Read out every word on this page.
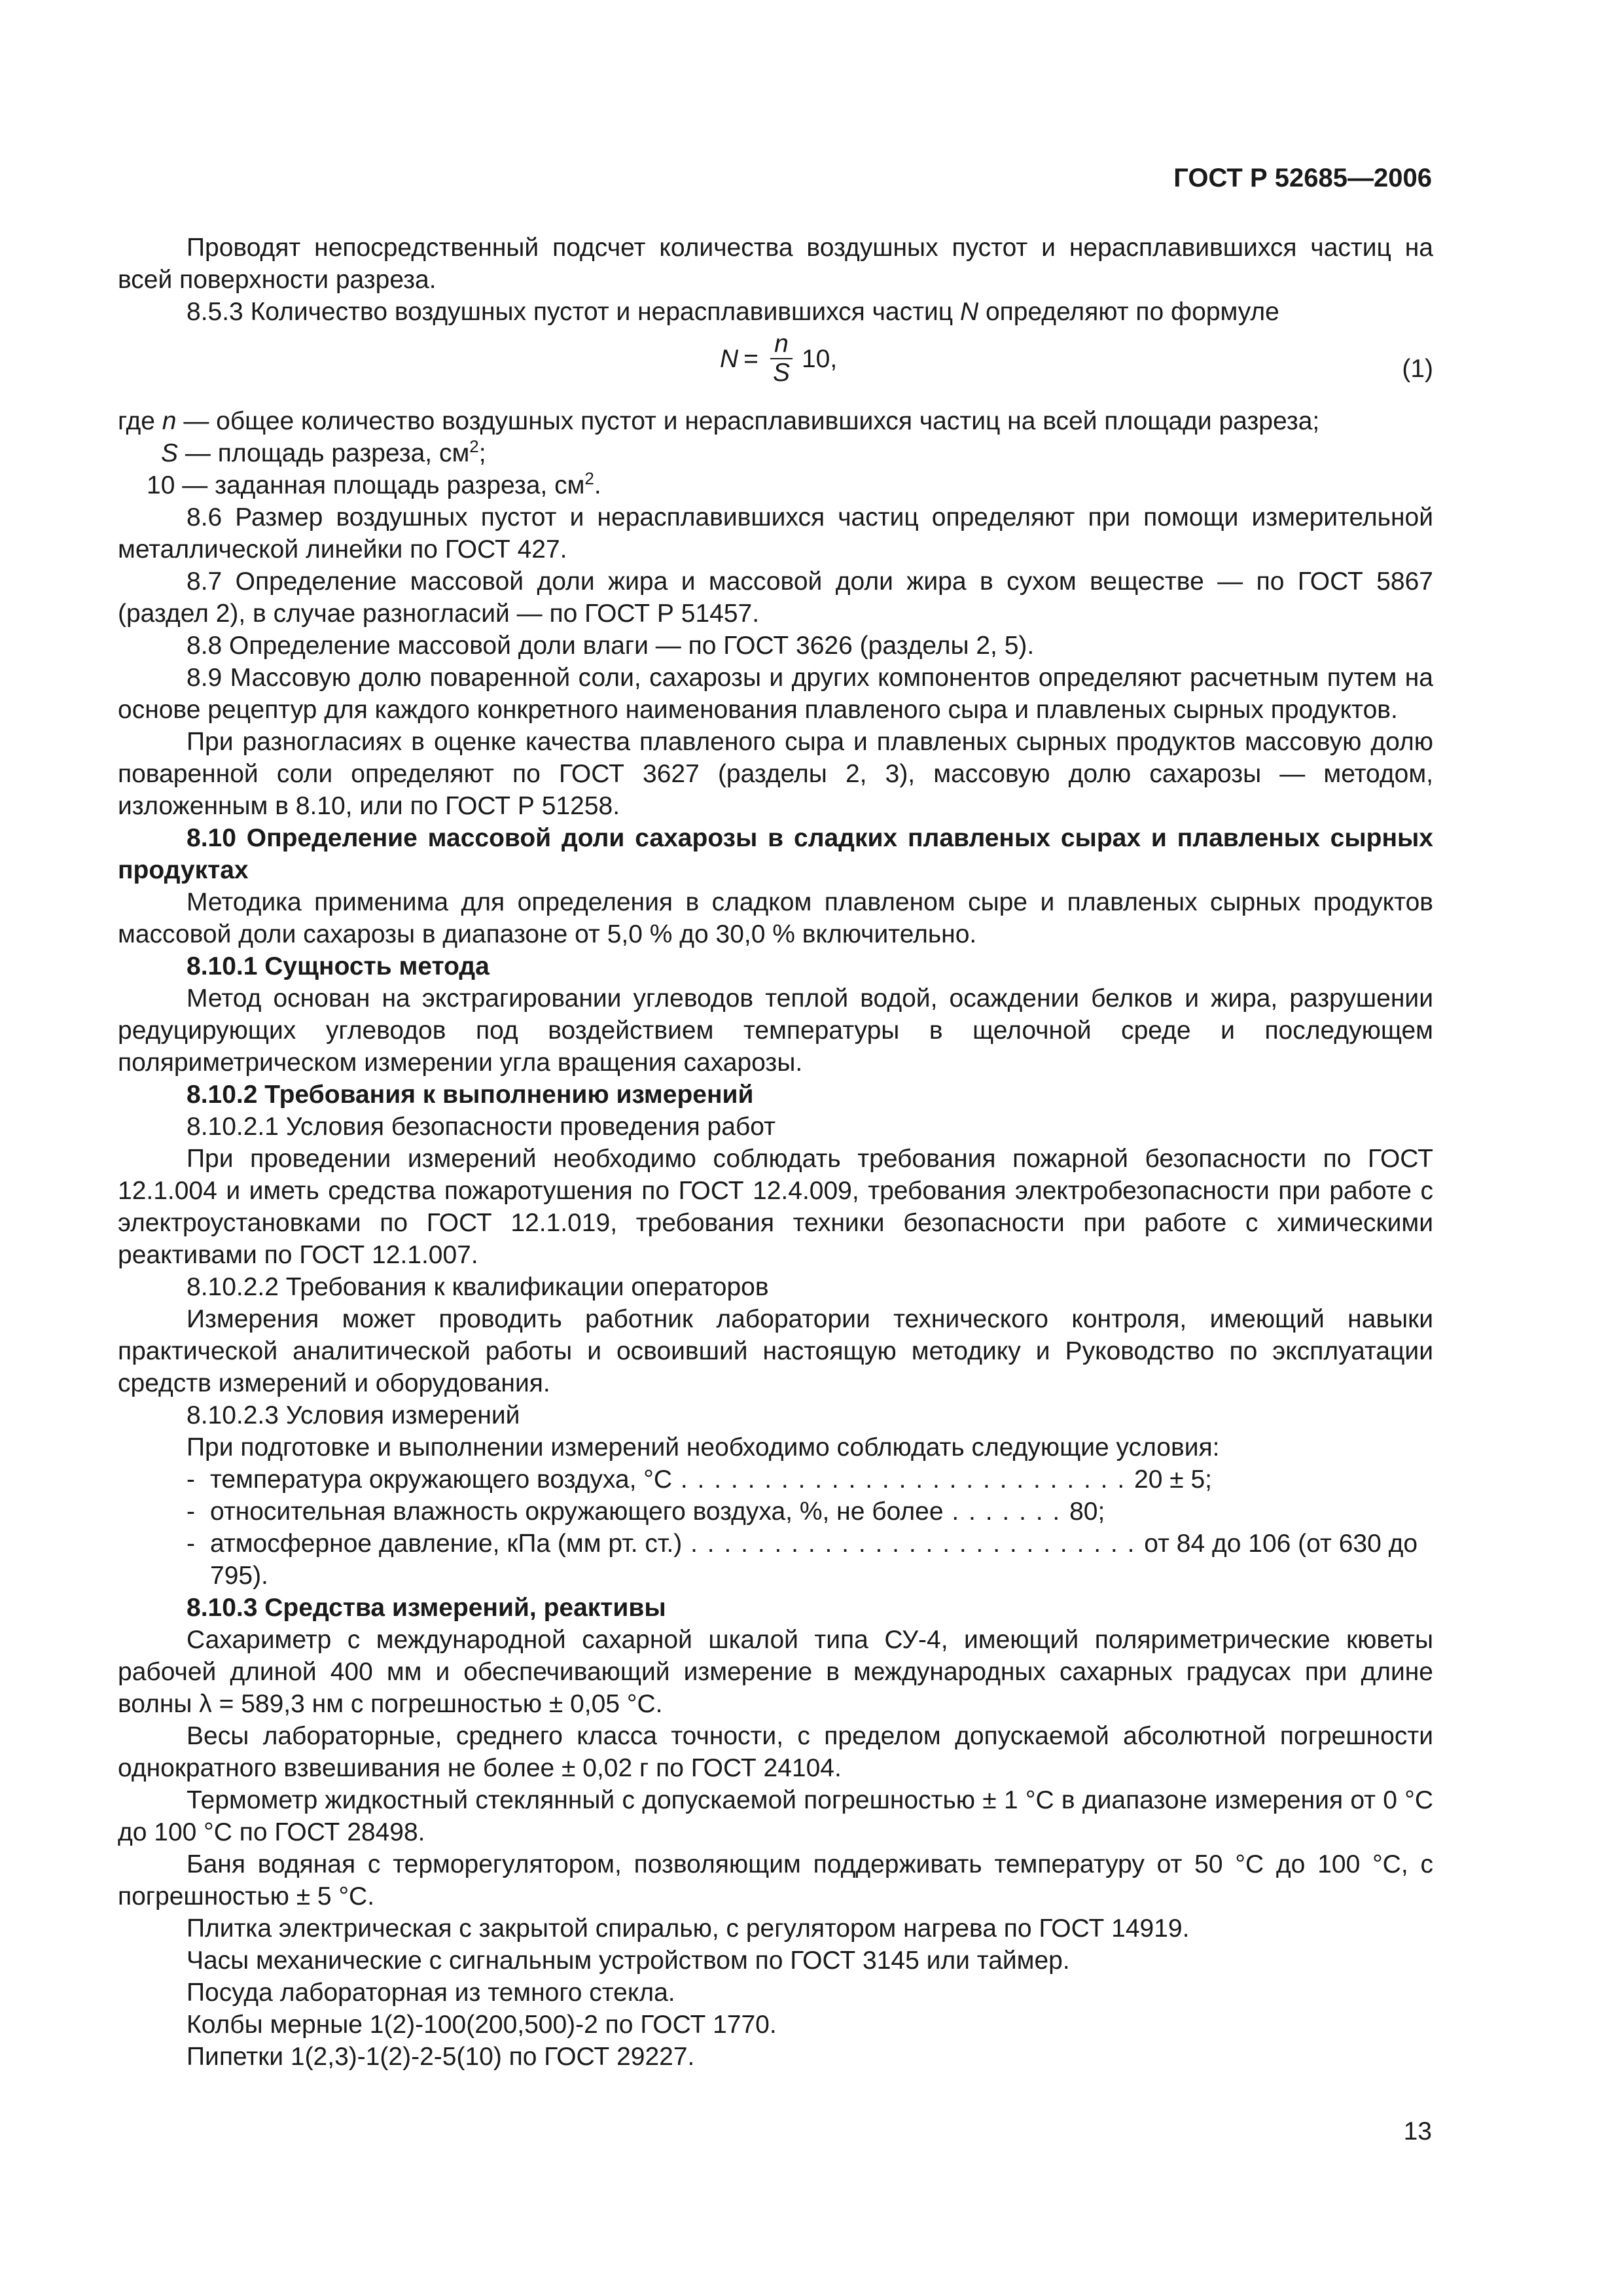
ГОСТ Р 52685—2006

Проводят непосредственный подсчет количества воздушных пустот и нерасплавившихся частиц на всей поверхности разреза.

8.5.3 Количество воздушных пустот и нерасплавившихся частиц N определяют по формуле

$N = \frac{n}{S} 10$,	(1)

где n — общее количество воздушных пустот и нерасплавившихся частиц на всей площади разреза;

S — площадь разреза, $см^2$;

10 — заданная площадь разреза, $см^2$.

8.6 Размер воздушных пустот и нерасплавившихся частиц определяют при помощи измерительной металлической линейки по ГОСТ 427.

8.7 Определение массовой доли жира и массовой доли жира в сухом веществе — по ГОСТ 5867 (раздел 2), в случае разногласий — по ГОСТ Р 51457.

8.8 Определение массовой доли влаги — по ГОСТ 3626 (разделы 2, 5).

8.9 Массовую долю поваренной соли, сахарозы и других компонентов определяют расчетным путем на основе рецептур для каждого конкретного наименования плавленого сыра и плавленых сырных продуктов.

При разногласиях в оценке качества плавленого сыра и плавленых сырных продуктов массовую долю поваренной соли определяют по ГОСТ 3627 (разделы 2, 3), массовую долю сахарозы — методом, изложенным в 8.10, или по ГОСТ Р 51258.

8.10 Определение массовой доли сахарозы в сладких плавленых сырах и плавленых сырных продуктах

Методика применима для определения в сладком плавленом сыре и плавленых сырных продуктов массовой доли сахарозы в диапазоне от 5,0 % до 30,0 % включительно.

8.10.1 Сущность метода

Метод основан на экстрагировании углеводов теплой водой, осаждении белков и жира, разрушении редуцирующих углеводов под воздействием температуры в щелочной среде и последующем поляриметрическом измерении угла вращения сахарозы.

8.10.2 Требования к выполнению измерений

8.10.2.1 Условия безопасности проведения работ

При проведении измерений необходимо соблюдать требования пожарной безопасности по ГОСТ 12.1.004 и иметь средства пожаротушения по ГОСТ 12.4.009, требования электробезопасности при работе с электроустановками по ГОСТ 12.1.019, требования техники безопасности при работе с химическими реактивами по ГОСТ 12.1.007.

8.10.2.2 Требования к квалификации операторов

Измерения может проводить работник лаборатории технического контроля, имеющий навыки практической аналитической работы и освоивший настоящую методику и Руководство по эксплуатации средств измерений и оборудования.

8.10.2.3 Условия измерений

При подготовке и выполнении измерений необходимо соблюдать следующие условия:

- температура окружающего воздуха, °С . . . . . . . . . . . . . . . . . . . . . . . . . . . 20 ± 5;

- относительная влажность окружающего воздуха, %, не более . . . . . . . 80;

- атмосферное давление, кПа (мм рт. ст.) . . . . . . . . . . . . . . . . . . . . . . . . . . . от 84 до 106 (от 630 до 795).

8.10.3 Средства измерений, реактивы

Сахариметр с международной сахарной шкалой типа СУ-4, имеющий поляриметрические кюветы рабочей длиной 400 мм и обеспечивающий измерение в международных сахарных градусах при длине волны λ = 589,3 нм с погрешностью ± 0,05 °С.

Весы лабораторные, среднего класса точности, с пределом допускаемой абсолютной погрешности однократного взвешивания не более ± 0,02 г по ГОСТ 24104.

Термометр жидкостный стеклянный с допускаемой погрешностью ± 1 °С в диапазоне измерения от 0 °С до 100 °С по ГОСТ 28498.

Баня водяная с терморегулятором, позволяющим поддерживать температуру от 50 °С до 100 °С, с погрешностью ± 5 °С.

Плитка электрическая с закрытой спиралью, с регулятором нагрева по ГОСТ 14919.

Часы механические с сигнальным устройством по ГОСТ 3145 или таймер.

Посуда лабораторная из темного стекла.

Колбы мерные 1(2)-100(200,500)-2 по ГОСТ 1770.

Пипетки 1(2,3)-1(2)-2-5(10) по ГОСТ 29227.

13
